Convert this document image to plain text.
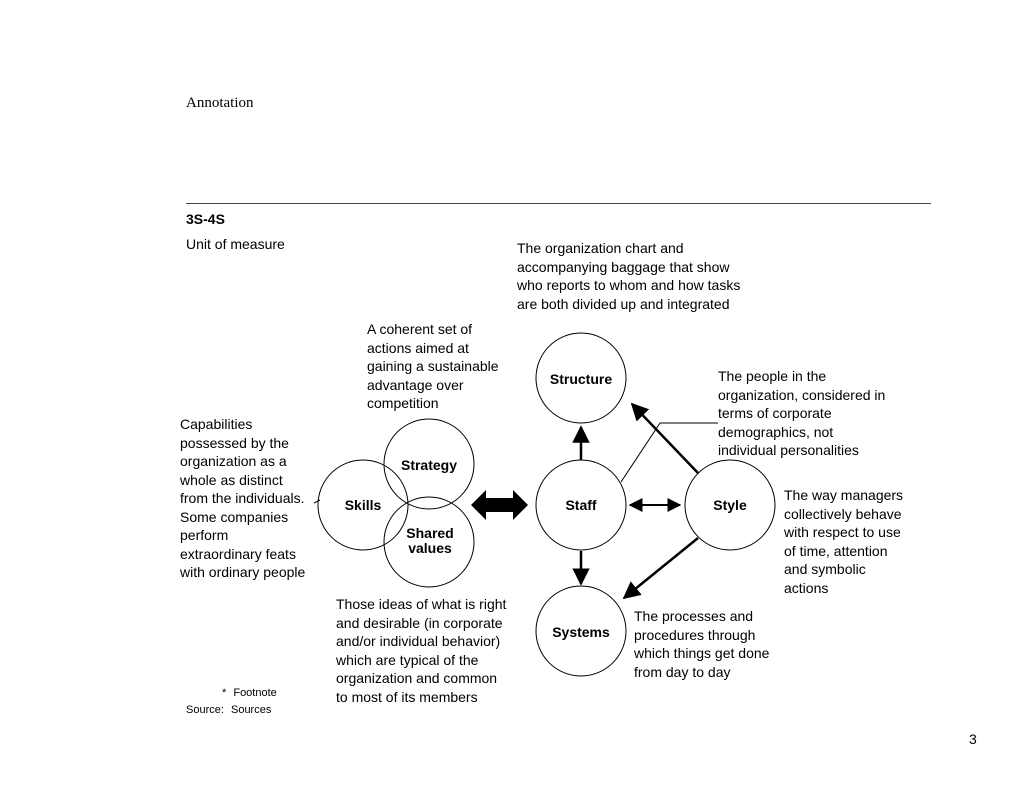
Annotation
3S-4S
Unit of measure
Structure
Staff	Style
Systems
Skills
Strategy
Shared
values
The organization chart and
accompanying baggage that show
who reports to whom and how tasks
are both divided up and integrated
A coherent set of
actions aimed at
gaining a sustainable
advantage over
competition
Capabilities
possessed by the
organization as a
whole as distinct
from the individuals.
Some companies
perform
extraordinary feats
with ordinary people
The people in the
organization, considered in
terms of corporate
demographics, not
individual personalities
The way managers
collectively behave
with respect to use
of time, attention
and symbolic
actions
Those ideas of what is right
and desirable (in corporate
and/or individual behavior)
which are typical of the
organization and common
to most of its members
The processes and
procedures through
which things get done
from day to day
* Footnote
Source: Sources
3
